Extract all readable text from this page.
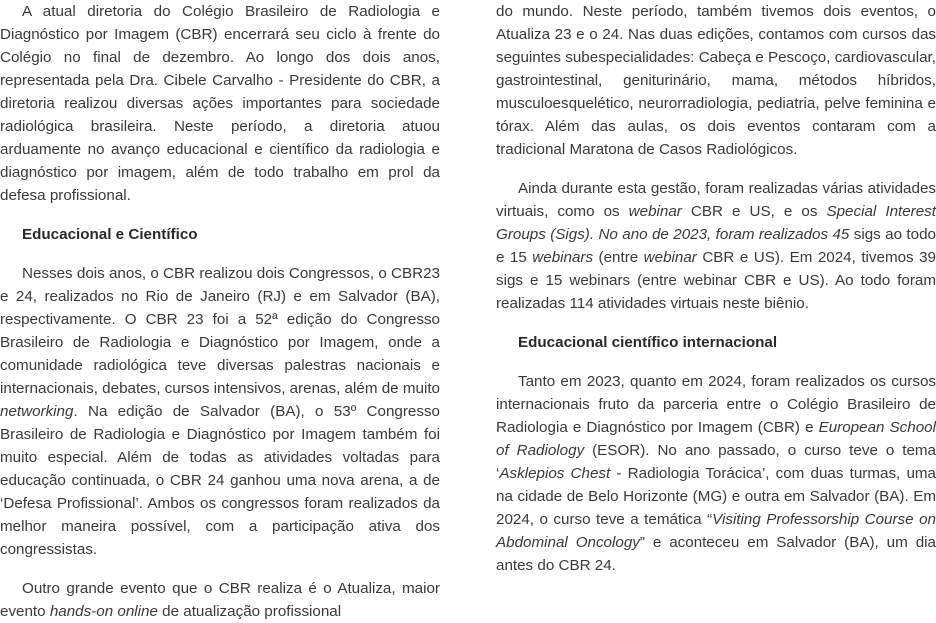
A atual diretoria do Colégio Brasileiro de Radiologia e Diagnóstico por Imagem (CBR) encerrará seu ciclo à frente do Colégio no final de dezembro. Ao longo dos dois anos, representada pela Dra. Cibele Carvalho - Presidente do CBR, a diretoria realizou diversas ações importantes para sociedade radiológica brasileira. Neste período, a diretoria atuou arduamente no avanço educacional e científico da radiologia e diagnóstico por imagem, além de todo trabalho em prol da defesa profissional.

Educacional e Científico

Nesses dois anos, o CBR realizou dois Congressos, o CBR23 e 24, realizados no Rio de Janeiro (RJ) e em Salvador (BA), respectivamente. O CBR 23 foi a 52ª edição do Congresso Brasileiro de Radiologia e Diagnóstico por Imagem, onde a comunidade radiológica teve diversas palestras nacionais e internacionais, debates, cursos intensivos, arenas, além de muito networking. Na edição de Salvador (BA), o 53º Congresso Brasileiro de Radiologia e Diagnóstico por Imagem também foi muito especial. Além de todas as atividades voltadas para educação continuada, o CBR 24 ganhou uma nova arena, a de ‘Defesa Profissional’. Ambos os congressos foram realizados da melhor maneira possível, com a participação ativa dos congressistas.

Outro grande evento que o CBR realiza é o Atualiza, maior evento hands-on online de atualização profissional

do mundo. Neste período, também tivemos dois eventos, o Atualiza 23 e o 24. Nas duas edições, contamos com cursos das seguintes subespecialidades: Cabeça e Pescoço, cardiovascular, gastrointestinal, geniturinário, mama, métodos híbridos, musculoesquelético, neurorradiologia, pediatria, pelve feminina e tórax. Além das aulas, os dois eventos contaram com a tradicional Maratona de Casos Radiológicos.

Ainda durante esta gestão, foram realizadas várias atividades virtuais, como os webinar CBR e US, e os Special Interest Groups (Sigs). No ano de 2023, foram realizados 45 sigs ao todo e 15 webinars (entre webinar CBR e US). Em 2024, tivemos 39 sigs e 15 webinars (entre webinar CBR e US). Ao todo foram realizadas 114 atividades virtuais neste biênio.

Educacional científico internacional

Tanto em 2023, quanto em 2024, foram realizados os cursos internacionais fruto da parceria entre o Colégio Brasileiro de Radiologia e Diagnóstico por Imagem (CBR) e European School of Radiology (ESOR). No ano passado, o curso teve o tema ‘Asklepios Chest - Radiologia Torácica’, com duas turmas, uma na cidade de Belo Horizonte (MG) e outra em Salvador (BA). Em 2024, o curso teve a temática “Visiting Professorship Course on Abdominal Oncology” e aconteceu em Salvador (BA), um dia antes do CBR 24.
